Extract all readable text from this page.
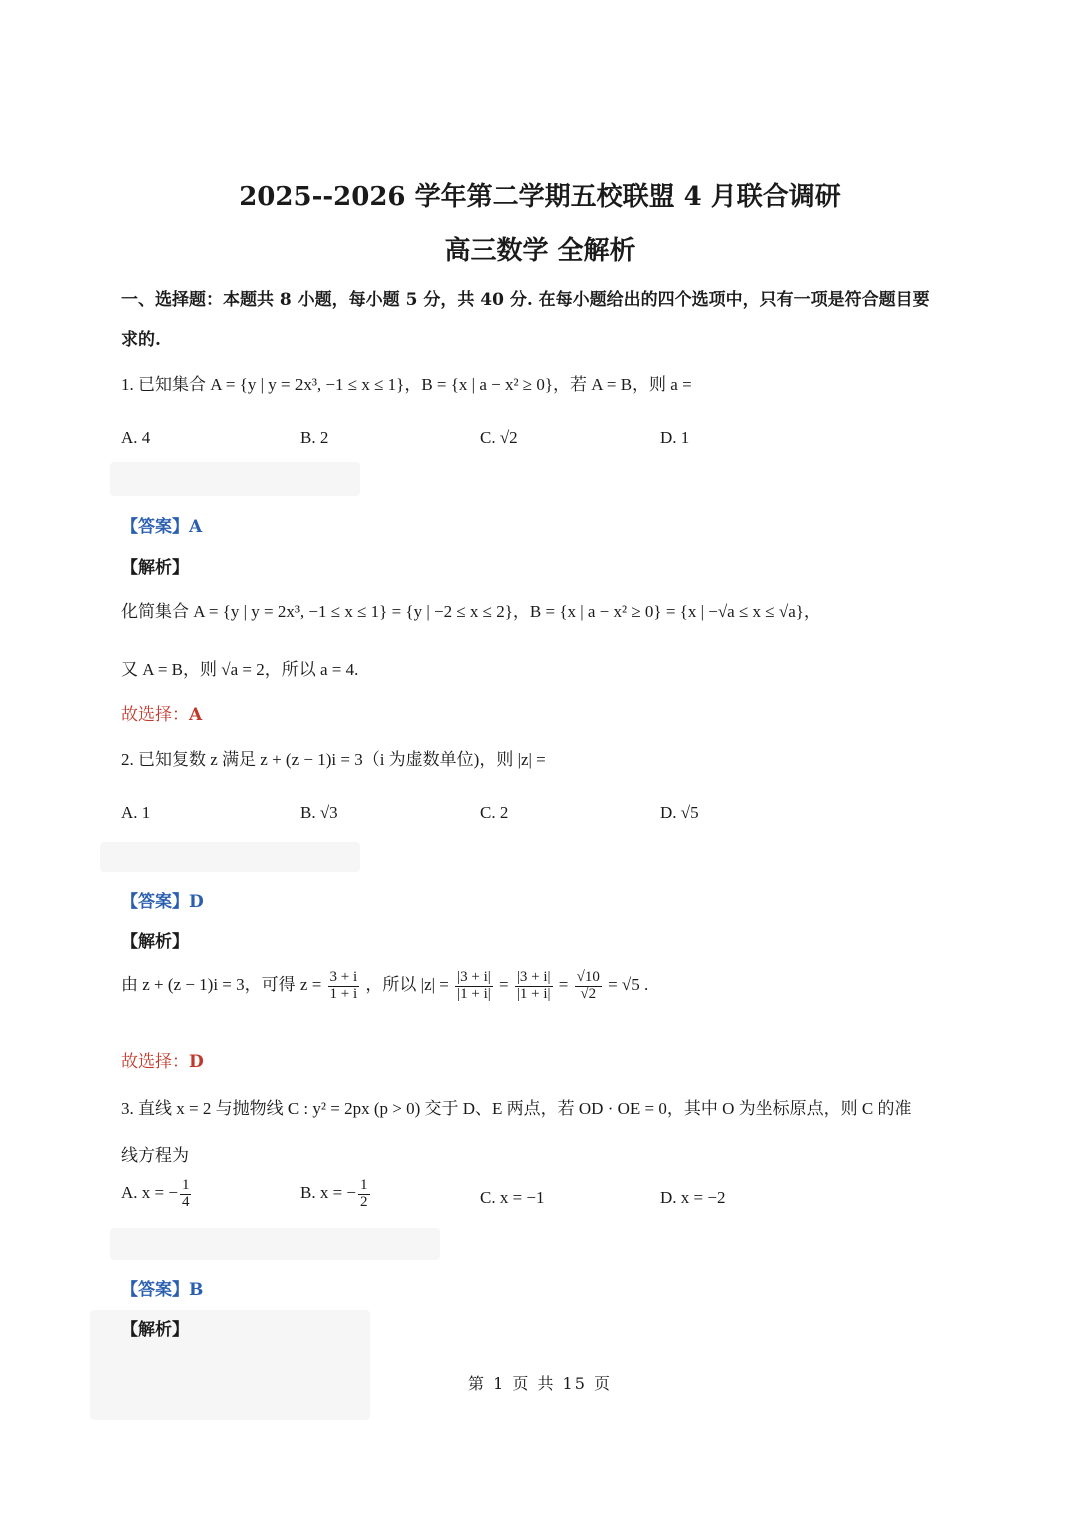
2025--2026 学年第二学期五校联盟 4 月联合调研
高三数学 全解析
一、选择题：本题共 8 小题，每小题 5 分，共 40 分. 在每小题给出的四个选项中，只有一项是符合题目要
求的.
1. 已知集合 A = {y | y = 2x³, −1 ≤ x ≤ 1}，B = {x | a − x² ≥ 0}，若 A = B，则 a =
A. 4	B. 2	C. √2	D. 1
【答案】A
【解析】
化简集合 A = {y | y = 2x³, −1 ≤ x ≤ 1} = {y | −2 ≤ x ≤ 2}，B = {x | a − x² ≥ 0} = {x | −√a ≤ x ≤ √a}，
又 A = B，则 √a = 2，所以 a = 4.
故选择：A
2. 已知复数 z 满足 z + (z − 1)i = 3（i 为虚数单位)，则 |z| =
A. 1	B. √3	C. 2	D. √5
【答案】D
【解析】
由 z + (z − 1)i = 3，可得 $z = \frac{3 + i}{1 + i}$ ，所以 $|z| = \frac{|3 + i|}{|1 + i|} = \frac{|3 + i|}{|1 + i|} = \frac{√10}{√2} = √5$ .
故选择：D
3. 直线 x = 2 与抛物线 C : y² = 2px (p > 0) 交于 D、E 两点，若 OD · OE = 0，其中 O 为坐标原点，则 C 的准
线方程为
A. x = − $\frac{1}{4}$	B. x = − $\frac{1}{2}$	C. x = −1	D. x = −2
【答案】B
【解析】
第 1 页 共 15 页
